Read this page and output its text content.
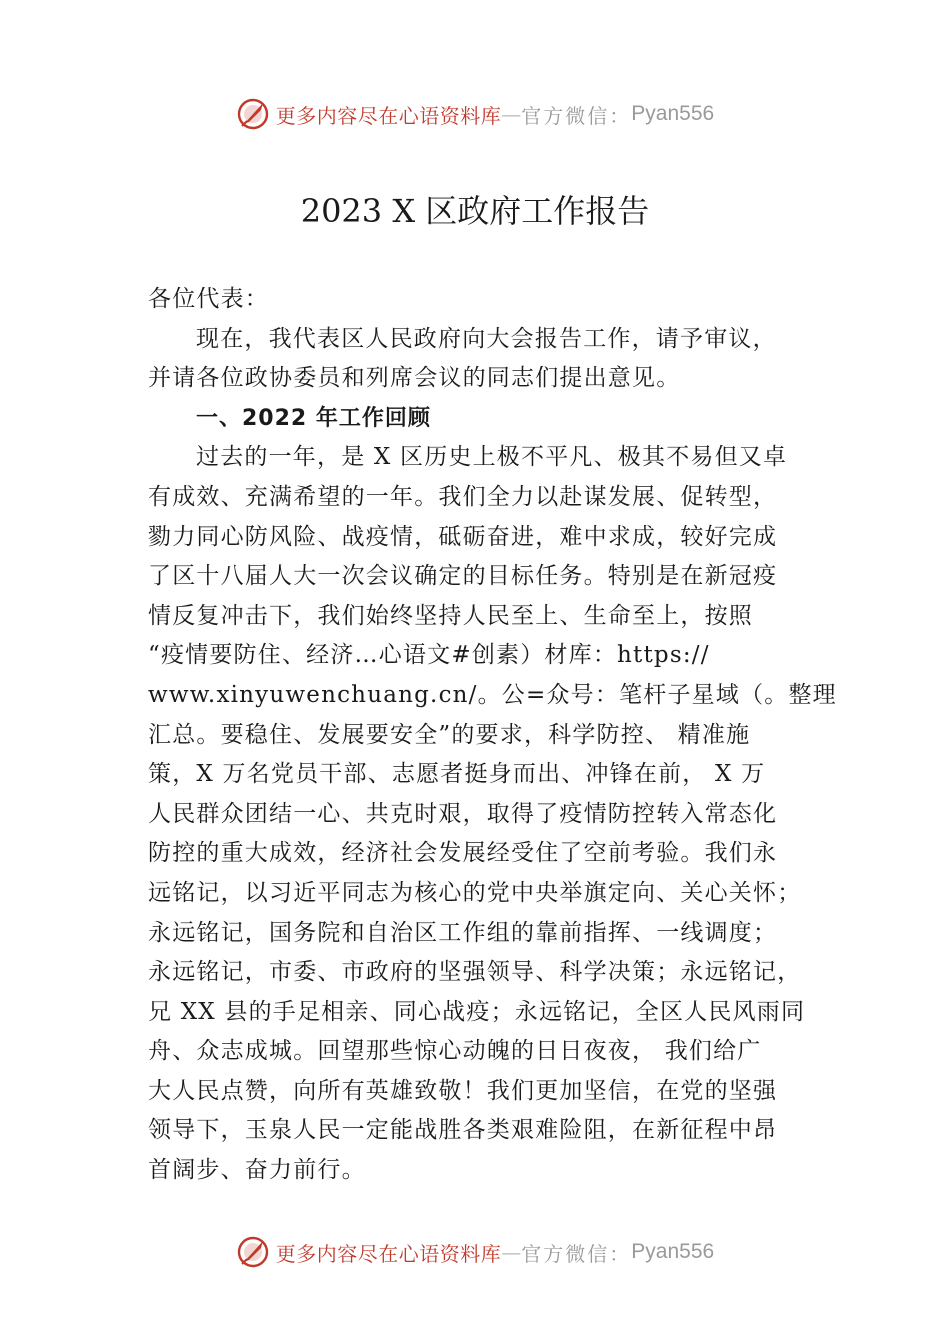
更多内容尽在心语资料库 — 官方微信： Pyan556
2023 X 区政府工作报告
各位代表：
现在，我代表区人民政府向大会报告工作，请予审议，
并请各位政协委员和列席会议的同志们提出意见。
一、2022 年工作回顾
过去的一年，是 X 区历史上极不平凡、极其不易但又卓
有成效、充满希望的一年。我们全力以赴谋发展、促转型，
勠力同心防风险、战疫情，砥砺奋进，难中求成，较好完成
了区十八届人大一次会议确定的目标任务。特别是在新冠疫
情反复冲击下，我们始终坚持人民至上、生命至上，按照
“疫情要防住、经济…心语文#创素）材库：https://
www.xinyuwenchuang.cn/。公=众号：笔杆子星域（。整理
汇总。要稳住、发展要安全”的要求，科学防控、 精准施
策，X 万名党员干部、志愿者挺身而出、冲锋在前， X 万
人民群众团结一心、共克时艰，取得了疫情防控转入常态化
防控的重大成效，经济社会发展经受住了空前考验。我们永
远铭记，以习近平同志为核心的党中央举旗定向、关心关怀；
永远铭记，国务院和自治区工作组的靠前指挥、一线调度；
永远铭记，市委、市政府的坚强领导、科学决策；永远铭记，
兄 XX 县的手足相亲、同心战疫；永远铭记，全区人民风雨同
舟、众志成城。回望那些惊心动魄的日日夜夜， 我们给广
大人民点赞，向所有英雄致敬！我们更加坚信，在党的坚强
领导下，玉泉人民一定能战胜各类艰难险阻，在新征程中昂
首阔步、奋力前行。
更多内容尽在心语资料库 — 官方微信： Pyan556
